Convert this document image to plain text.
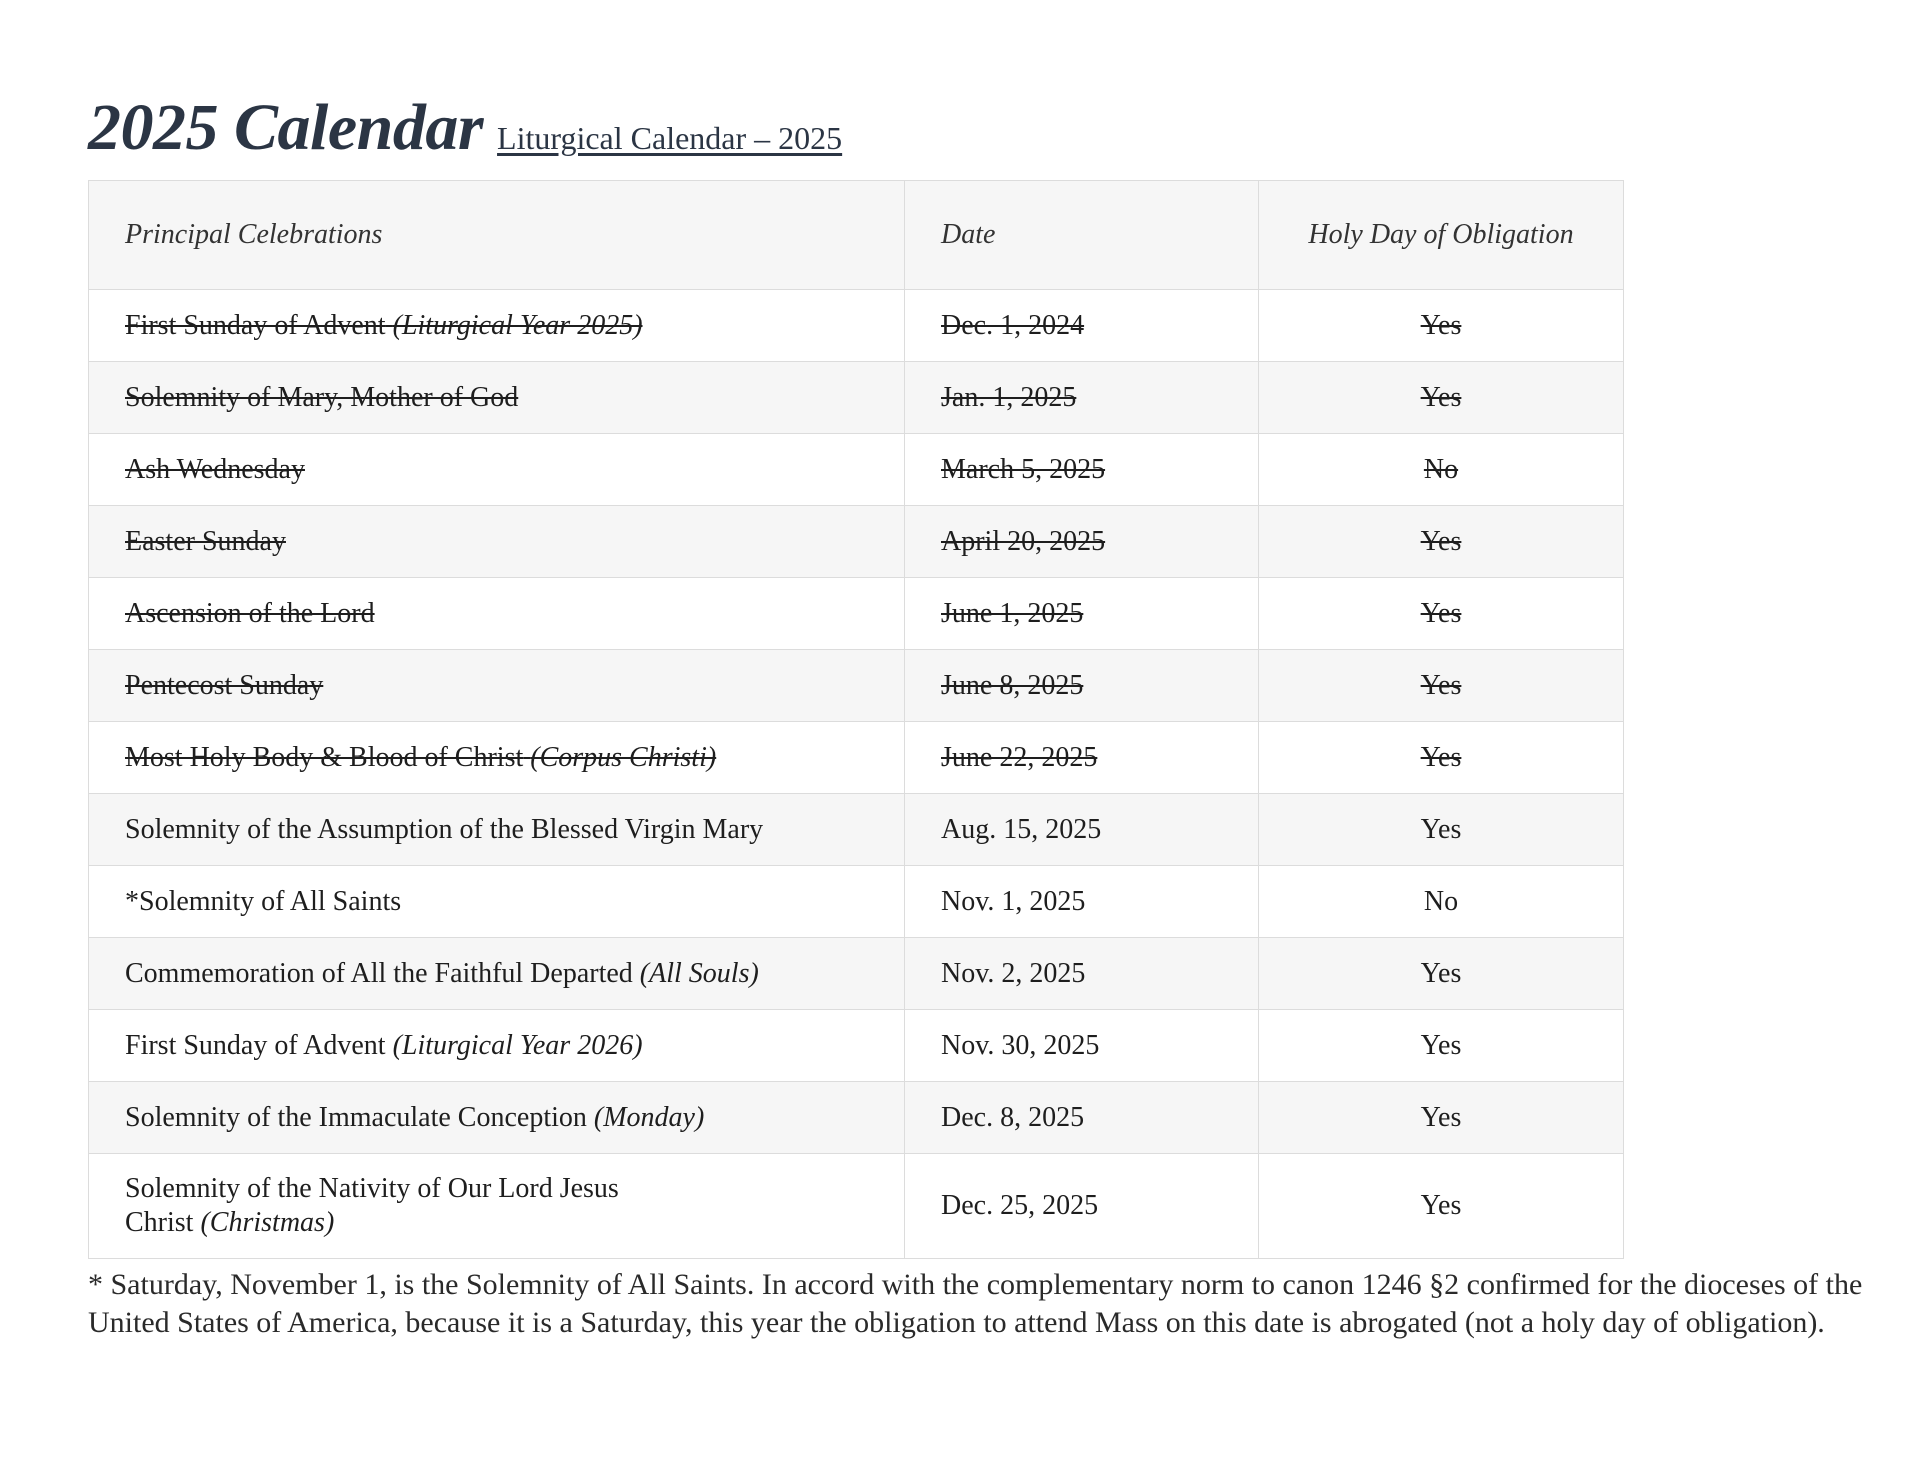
2025 Calendar Liturgical Calendar – 2025
Principal Celebrations	Date	Holy Day of Obligation
First Sunday of Advent (Liturgical Year 2025)	Dec. 1, 2024	Yes
Solemnity of Mary, Mother of God	Jan. 1, 2025	Yes
Ash Wednesday	March 5, 2025	No
Easter Sunday	April 20, 2025	Yes
Ascension of the Lord	June 1, 2025	Yes
Pentecost Sunday	June 8, 2025	Yes
Most Holy Body & Blood of Christ (Corpus Christi)	June 22, 2025	Yes
Solemnity of the Assumption of the Blessed Virgin Mary	Aug. 15, 2025	Yes
*Solemnity of All Saints	Nov. 1, 2025	No
Commemoration of All the Faithful Departed (All Souls)	Nov. 2, 2025	Yes
First Sunday of Advent (Liturgical Year 2026)	Nov. 30, 2025	Yes
Solemnity of the Immaculate Conception (Monday)	Dec. 8, 2025	Yes
Solemnity of the Nativity of Our Lord Jesus
Christ (Christmas)	Dec. 25, 2025	Yes
* Saturday, November 1, is the Solemnity of All Saints. In accord with the complementary norm to canon 1246 §2 confirmed for the dioceses of the United States of America, because it is a Saturday, this year the obligation to attend Mass on this date is abrogated (not a holy day of obligation).
